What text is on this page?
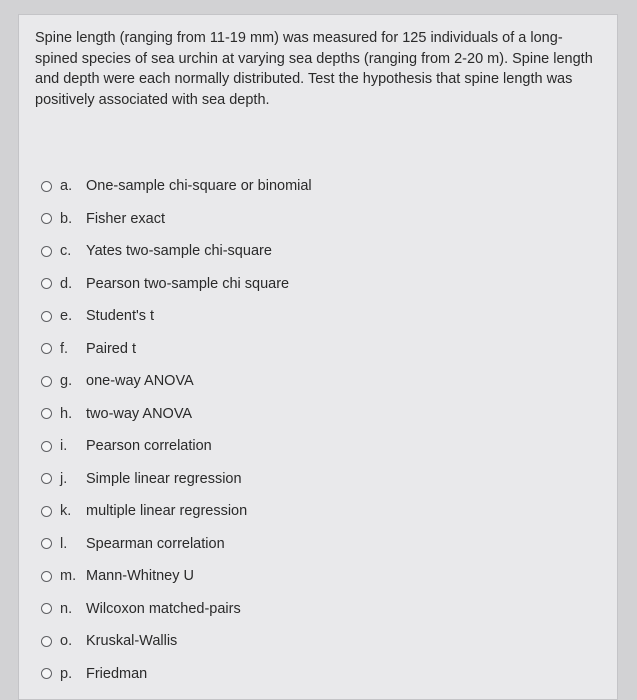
Spine length (ranging from 11-19 mm) was measured for 125 individuals of a long-spined species of sea urchin at varying sea depths (ranging from 2-20 m). Spine length and depth were each normally distributed. Test the hypothesis that spine length was positively associated with sea depth.

a. One-sample chi-square or binomial
b. Fisher exact
c.	Yates two-sample chi-square
d. Pearson two-sample chi square
e. Student's t
f.	Paired t
g. one-way ANOVA
h. two-way ANOVA
i.	Pearson correlation
j.	Simple linear regression
k.	multiple linear regression
l.	Spearman correlation
m. Mann-Whitney U
n. Wilcoxon matched-pairs
o. Kruskal-Wallis
p. Friedman
